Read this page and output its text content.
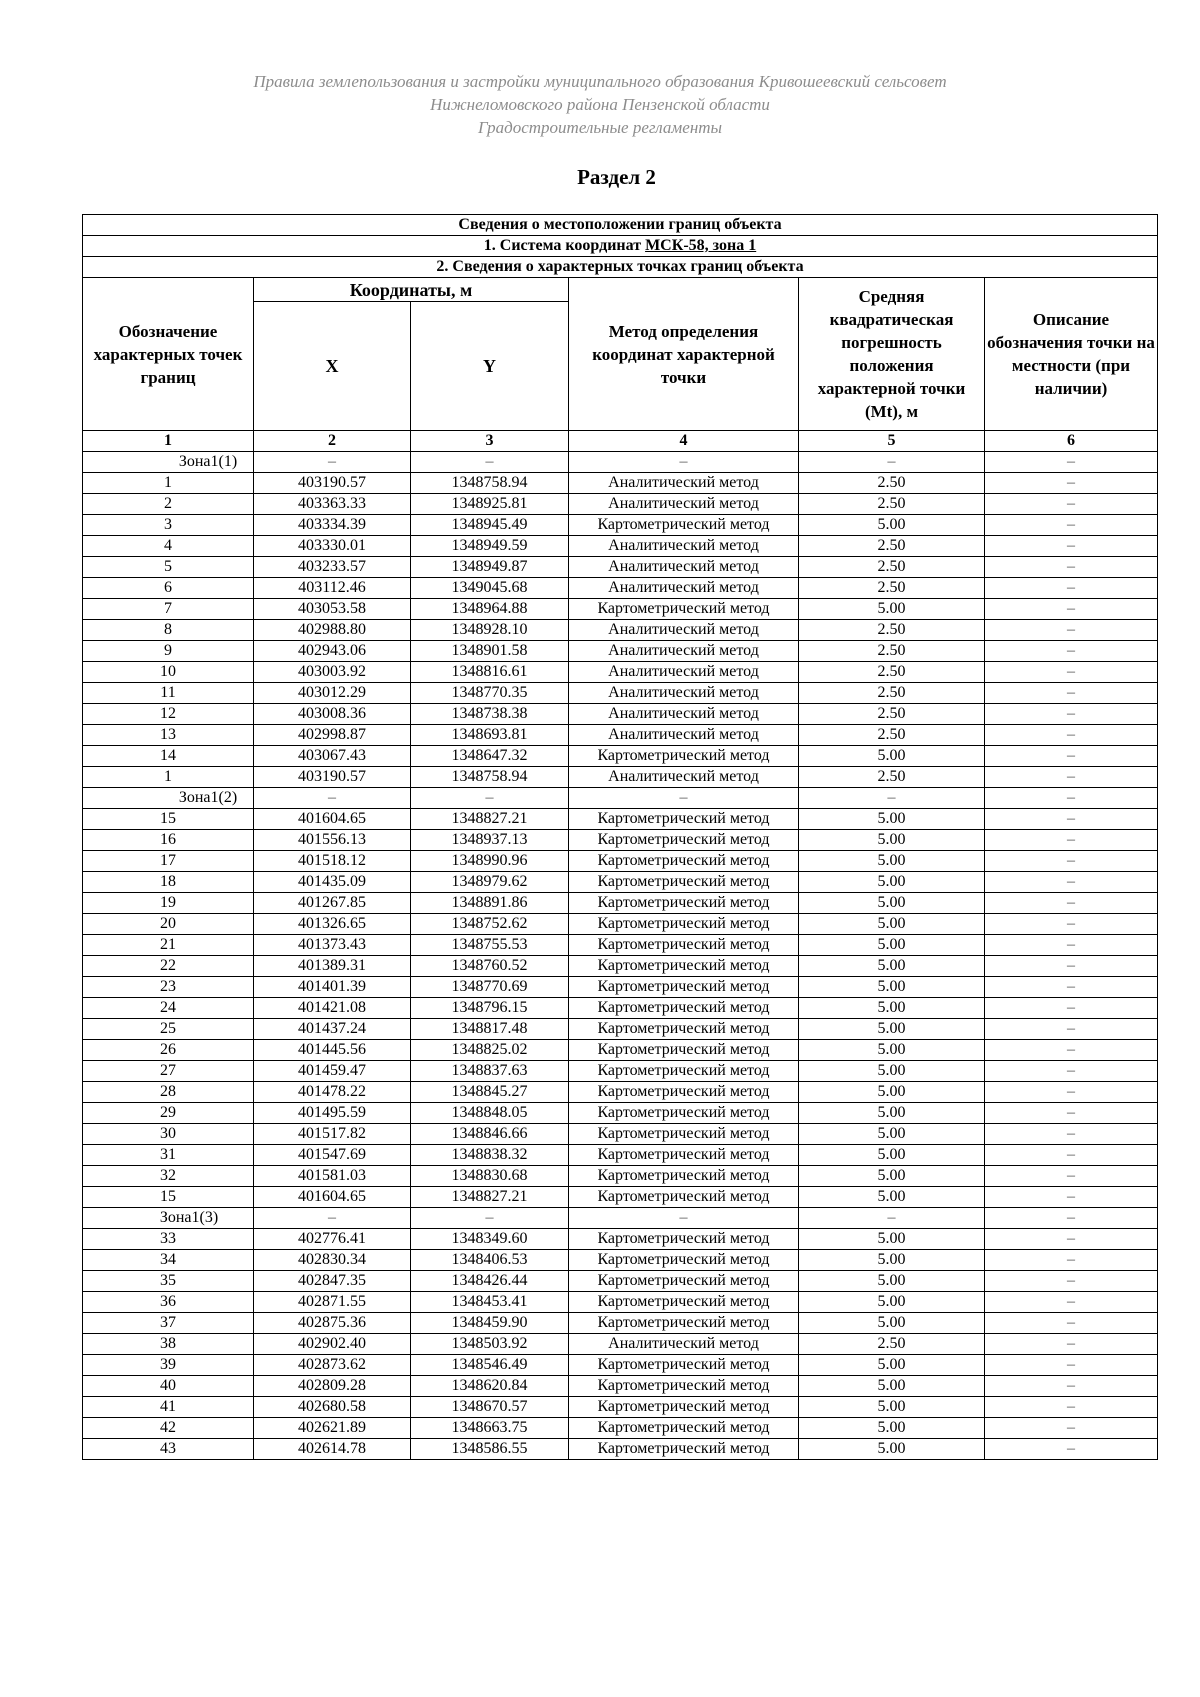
Правила землепользования и застройки муниципального образования Кривошеевский сельсовет
Нижнеломовского района Пензенской области
Градостроительные регламенты
Раздел 2
Сведения о местоположении границ объекта					
1. Система координат МСК-58, зона 1					
2. Сведения о характерных точках границ объекта					
Обозначение характерных точек границ	Координаты, м		Метод определения координат характерной точки	Средняя квадратическая погрешность положения характерной точки (Mt), м	Описание обозначения точки на местности (при наличии)
	X	Y			
1	2	3	4	5	6
Зона1(1)	–	–	–	–	–
1	403190.57	1348758.94	Аналитический метод	2.50	–
2	403363.33	1348925.81	Аналитический метод	2.50	–
3	403334.39	1348945.49	Картометрический метод	5.00	–
4	403330.01	1348949.59	Аналитический метод	2.50	–
5	403233.57	1348949.87	Аналитический метод	2.50	–
6	403112.46	1349045.68	Аналитический метод	2.50	–
7	403053.58	1348964.88	Картометрический метод	5.00	–
8	402988.80	1348928.10	Аналитический метод	2.50	–
9	402943.06	1348901.58	Аналитический метод	2.50	–
10	403003.92	1348816.61	Аналитический метод	2.50	–
11	403012.29	1348770.35	Аналитический метод	2.50	–
12	403008.36	1348738.38	Аналитический метод	2.50	–
13	402998.87	1348693.81	Аналитический метод	2.50	–
14	403067.43	1348647.32	Картометрический метод	5.00	–
1	403190.57	1348758.94	Аналитический метод	2.50	–
Зона1(2)	–	–	–	–	–
15	401604.65	1348827.21	Картометрический метод	5.00	–
16	401556.13	1348937.13	Картометрический метод	5.00	–
17	401518.12	1348990.96	Картометрический метод	5.00	–
18	401435.09	1348979.62	Картометрический метод	5.00	–
19	401267.85	1348891.86	Картометрический метод	5.00	–
20	401326.65	1348752.62	Картометрический метод	5.00	–
21	401373.43	1348755.53	Картометрический метод	5.00	–
22	401389.31	1348760.52	Картометрический метод	5.00	–
23	401401.39	1348770.69	Картометрический метод	5.00	–
24	401421.08	1348796.15	Картометрический метод	5.00	–
25	401437.24	1348817.48	Картометрический метод	5.00	–
26	401445.56	1348825.02	Картометрический метод	5.00	–
27	401459.47	1348837.63	Картометрический метод	5.00	–
28	401478.22	1348845.27	Картометрический метод	5.00	–
29	401495.59	1348848.05	Картометрический метод	5.00	–
30	401517.82	1348846.66	Картометрический метод	5.00	–
31	401547.69	1348838.32	Картометрический метод	5.00	–
32	401581.03	1348830.68	Картометрический метод	5.00	–
15	401604.65	1348827.21	Картометрический метод	5.00	–
Зона1(3)	–	–	–	–	–
33	402776.41	1348349.60	Картометрический метод	5.00	–
34	402830.34	1348406.53	Картометрический метод	5.00	–
35	402847.35	1348426.44	Картометрический метод	5.00	–
36	402871.55	1348453.41	Картометрический метод	5.00	–
37	402875.36	1348459.90	Картометрический метод	5.00	–
38	402902.40	1348503.92	Аналитический метод	2.50	–
39	402873.62	1348546.49	Картометрический метод	5.00	–
40	402809.28	1348620.84	Картометрический метод	5.00	–
41	402680.58	1348670.57	Картометрический метод	5.00	–
42	402621.89	1348663.75	Картометрический метод	5.00	–
43	402614.78	1348586.55	Картометрический метод	5.00	–
